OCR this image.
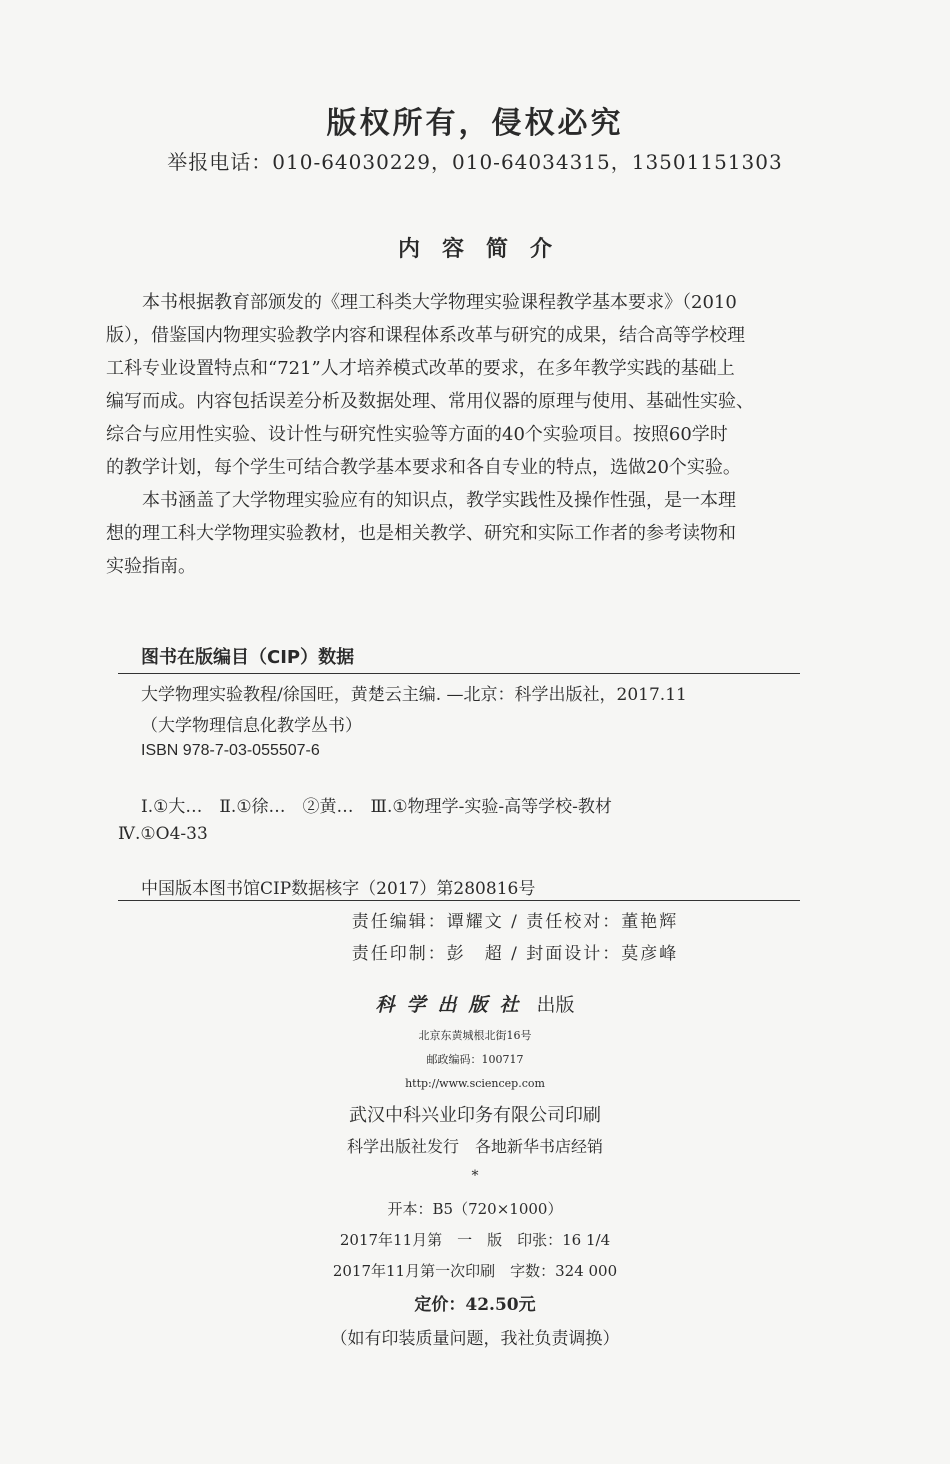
版权所有，侵权必究
举报电话：010-64030229，010-64034315，13501151303
内容简介
本书根据教育部颁发的《理工科类大学物理实验课程教学基本要求》（2010
版），借鉴国内物理实验教学内容和课程体系改革与研究的成果，结合高等学校理
工科专业设置特点和“721”人才培养模式改革的要求，在多年教学实践的基础上
编写而成。内容包括误差分析及数据处理、常用仪器的原理与使用、基础性实验、
综合与应用性实验、设计性与研究性实验等方面的40个实验项目。按照60学时
的教学计划，每个学生可结合教学基本要求和各自专业的特点，选做20个实验。
本书涵盖了大学物理实验应有的知识点，教学实践性及操作性强，是一本理
想的理工科大学物理实验教材，也是相关教学、研究和实际工作者的参考读物和
实验指南。
图书在版编目（CIP）数据
大学物理实验教程/徐国旺，黄楚云主编. —北京：科学出版社，2017.11
（大学物理信息化教学丛书）
ISBN 978-7-03-055507-6
Ⅰ.①大…　Ⅱ.①徐…　②黄…　Ⅲ.①物理学-实验-高等学校-教材
Ⅳ.①O4-33
中国版本图书馆CIP数据核字（2017）第280816号
责任编辑：谭耀文 / 责任校对：董艳辉
责任印制：彭　超 / 封面设计：莫彦峰
科学出版社 出版
北京东黄城根北街16号
邮政编码：100717
http://www.sciencep.com
武汉中科兴业印务有限公司印刷
科学出版社发行　各地新华书店经销
*
开本：B5（720×1000）
2017年11月第　一　版　印张：16 1/4
2017年11月第一次印刷　字数：324 000
定价：42.50元
（如有印装质量问题，我社负责调换）
